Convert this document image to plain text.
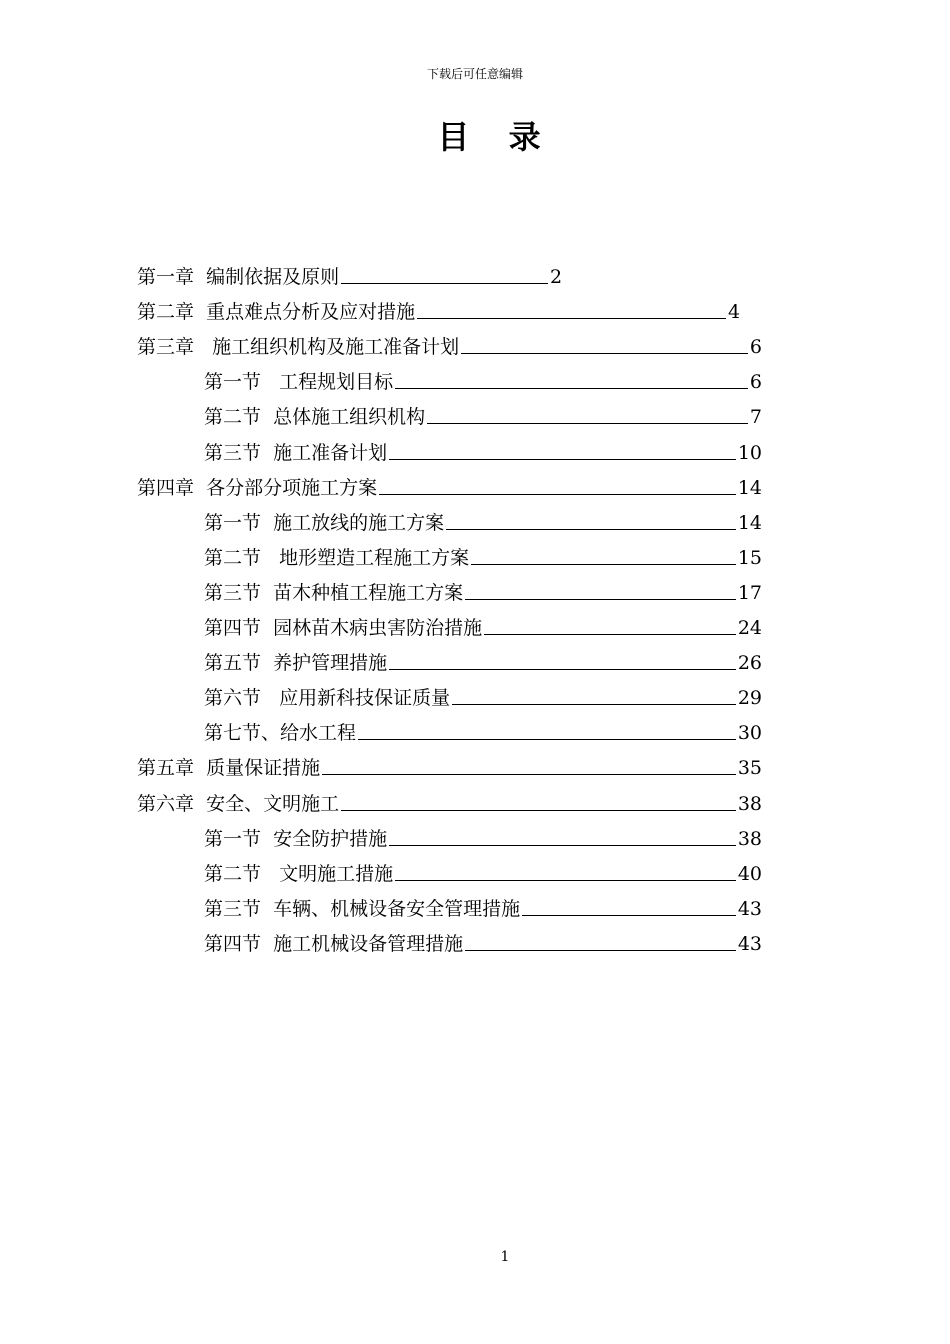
下载后可任意编辑
目 录
第一章  编制依据及原则	2
第二章  重点难点分析及应对措施	4
第三章   施工组织机构及施工准备计划	6
第一节   工程规划目标	6
第二节  总体施工组织机构	7
第三节  施工准备计划	10
第四章  各分部分项施工方案	14
第一节  施工放线的施工方案	14
第二节   地形塑造工程施工方案	15
第三节  苗木种植工程施工方案	17
第四节  园林苗木病虫害防治措施	24
第五节  养护管理措施	26
第六节   应用新科技保证质量	29
第七节、给水工程	30
第五章  质量保证措施	35
第六章  安全、文明施工	38
第一节  安全防护措施	38
第二节   文明施工措施	40
第三节  车辆、机械设备安全管理措施	43
第四节  施工机械设备管理措施	43
1
